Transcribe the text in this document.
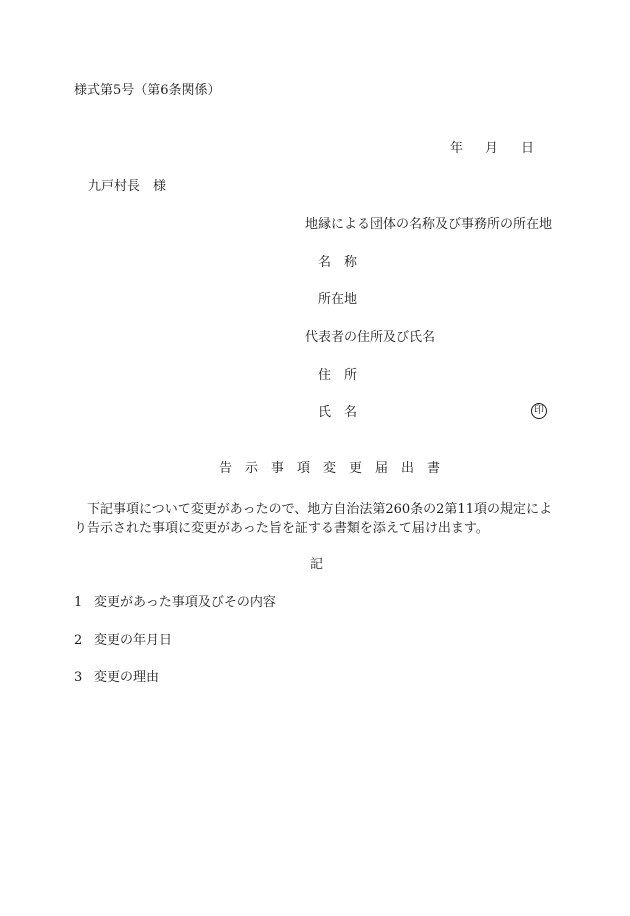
様式第5号（第6条関係）
年 月 日
九戸村長　様
地縁による団体の名称及び事務所の所在地
名　称
所在地
代表者の住所及び氏名
住　所
氏　名	印
告　示　事　項　変　更　届　出　書
下記事項について変更があったので、地方自治法第260条の2第11項の規定により告示された事項に変更があった旨を証する書類を添えて届け出ます。
記
1 変更があった事項及びその内容
2 変更の年月日
3 変更の理由
